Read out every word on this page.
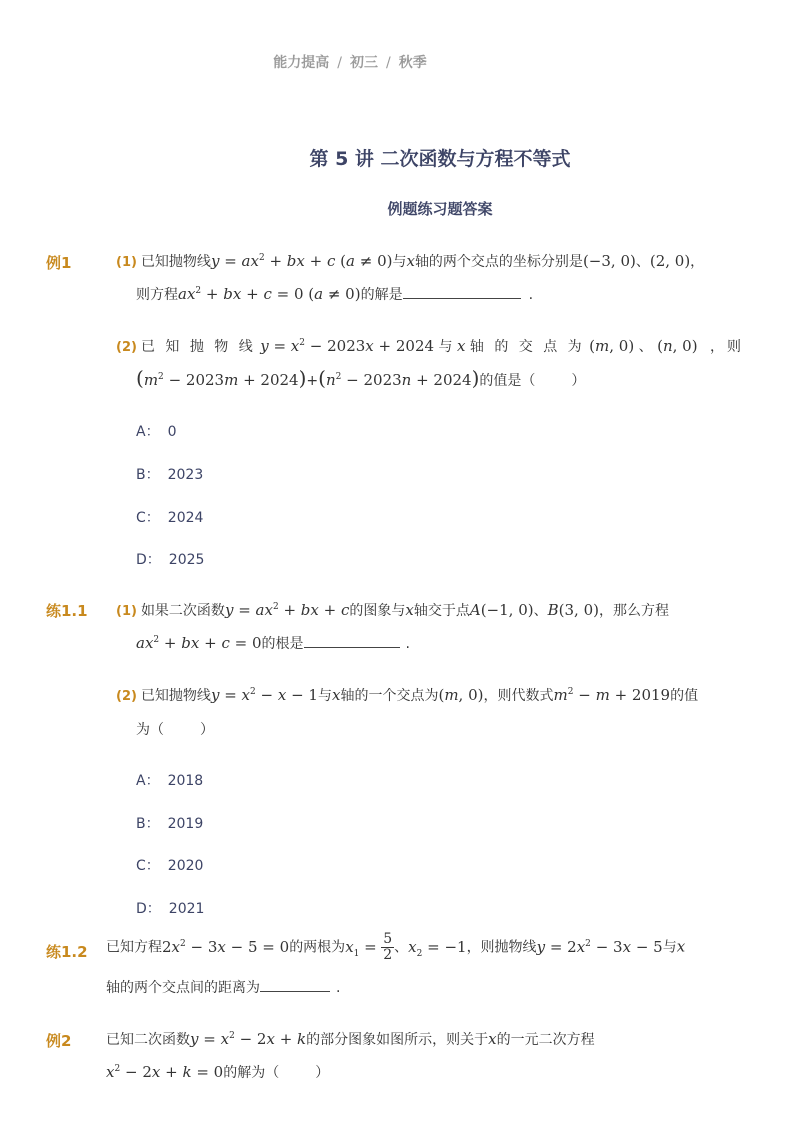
能力提高 / 初三 / 秋季
第 5 讲 二次函数与方程不等式
例题练习题答案
例1	(1) 已知抛物线$y = ax^2$ + bx + c (a ≠ 0)与x轴的两个交点的坐标分别是(−3, 0)、(2, 0)，
则方程$ax^2$ + bx + c = 0 (a ≠ 0)的解是	.
(2) 已 知 抛 物 线 $y = x^2 - 2023x + 2024$ 与 x 轴 的 交 点 为 (m, 0) 、 (n, 0) ，则
$(m^2 - 2023m + 2024)+(n^2 - 2023n + 2024)$的值是（	）
A： 0
B： 2023
C： 2024
D： 2025
练1.1 (1) 如果二次函数$y = ax^2$ + bx + c的图象与x轴交于点A(−1, 0)、B(3, 0)，那么方程
$ax^2$ + bx + c = 0的根是	.
(2) 已知抛物线$y = x^2 - x - 1$与x轴的一个交点为(m, 0)，则代数式$m^2 - m + 2019$的值
为（	）
A： 2018
B： 2019
C： 2020
D： 2021
练1.2 已知方程$2x^2 - 3x - 5 = 0$的两根为$x_1 = \frac{5}{2}$ 、$x_2 = -1$，则抛物线$y = 2x^2 - 3x - 5$与x
轴的两个交点间的距离为	.
例2 已知二次函数$y = x^2 - 2x + k$的部分图象如图所示，则关于x的一元二次方程
$x^2 - 2x + k = 0$的解为（	）
